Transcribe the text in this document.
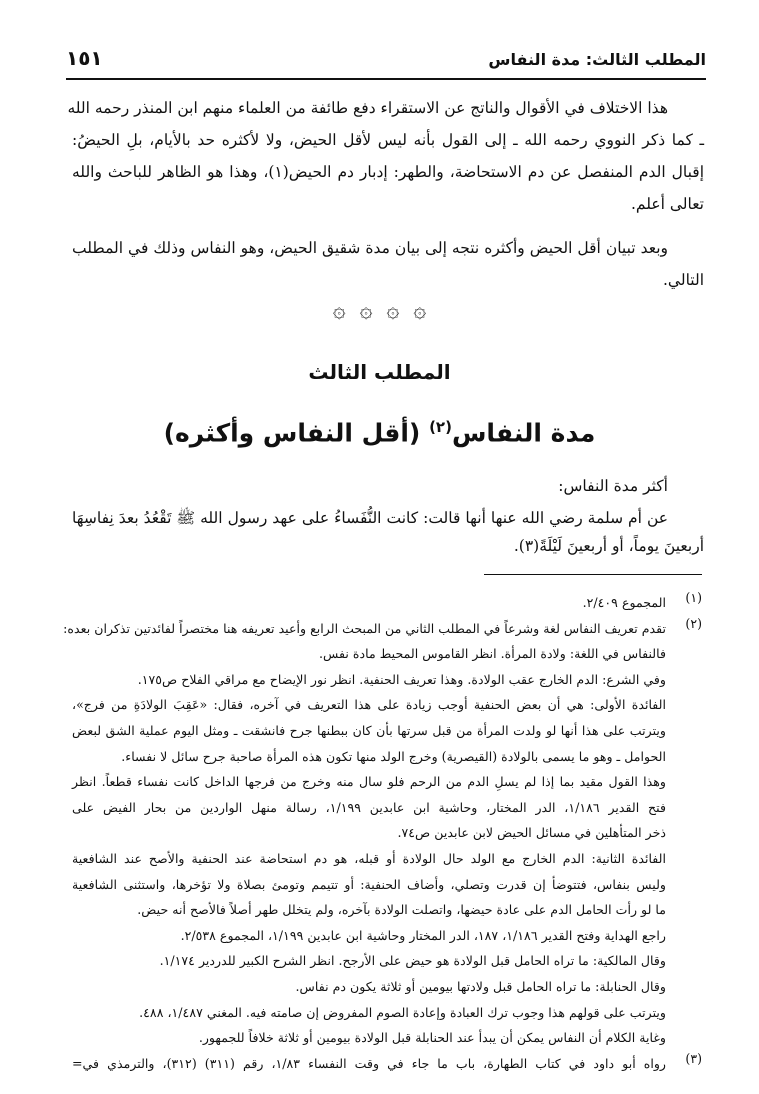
المطلب الثالث: مدة النفاس
١٥١
هذا الاختلاف في الأقوال والناتج عن الاستقراء دفع طائفة من العلماء منهم ابن المنذر رحمه الله
ـ كما ذكر النووي رحمه الله ـ إلى القول بأنه ليس لأقل الحيض، ولا لأكثره حد بالأيام، بلِ الحيضُ:
إقبال الدم المنفصل عن دم الاستحاضة، والطهر: إدبار دم الحيض(١)، وهذا هو الظاهر للباحث والله
تعالى أعلم.
وبعد تبيان أقل الحيض وأكثره نتجه إلى بيان مدة شقيق الحيض، وهو النفاس وذلك في المطلب
التالي.
۞ ۞ ۞ ۞
المطلب الثالث
مدة النفاس$^{(٢)}$ (أقل النفاس وأكثره)
أكثر مدة النفاس:
عن أم سلمة رضي الله عنها أنها قالت: كانت النُّفَساءُ على عهد رسول الله ﷺ تَقْعُدُ بعدَ نِفاسِهَا
أربعينَ يوماً، أو أربعينَ لَيْلَةً(٣).
(١)
المجموع ٢/٤٠٩.
(٢)
تقدم تعريف النفاس لغة وشرعاً في المطلب الثاني من المبحث الرابع وأعيد تعريفه هنا مختصراً لفائدتين تذكران بعده:
فالنفاس في اللغة: ولادة المرأة. انظر القاموس المحيط مادة نفس.
وفي الشرع: الدم الخارج عقب الولادة. وهذا تعريف الحنفية. انظر نور الإيضاح مع مراقي الفلاح ص١٧٥.
الفائدة الأولى: هي أن بعض الحنفية أوجب زيادة على هذا التعريف في آخره، فقال: «عَقِبَ الولادَةِ من فرج»،
ويترتب على هذا أنها لو ولدت المرأة من قبل سرتها بأن كان ببطنها جرح فانشقت ـ ومثل اليوم عملية الشق لبعض
الحوامل ـ وهو ما يسمى بالولادة (القيصرية) وخرج الولد منها تكون هذه المرأة صاحبة جرح سائل لا نفساء.
وهذا القول مقيد بما إذا لم يسلِ الدم من الرحم فلو سال منه وخرج من فرجها الداخل كانت نفساء قطعاً. انظر
فتح القدير ١/١٨٦، الدر المختار، وحاشية ابن عابدين ١/١٩٩، رسالة منهل الواردين من بحار الفيض على
ذخر المتأهلين في مسائل الحيض لابن عابدين ص٧٤.
الفائدة الثانية: الدم الخارج مع الولد حال الولادة أو قبله، هو دم استحاضة عند الحنفية والأصح عند الشافعية
وليس بنفاس، فتتوضأ إن قدرت وتصلي، وأضاف الحنفية: أو تتيمم وتومئ بصلاة ولا تؤخرها، واستثنى الشافعية
ما لو رأت الحامل الدم على عادة حيضها، واتصلت الولادة بآخره، ولم يتخلل طهر أصلاً فالأصح أنه حيض.
راجع الهداية وفتح القدير ١/١٨٦، ١٨٧، الدر المختار وحاشية ابن عابدين ١/١٩٩، المجموع ٢/٥٣٨.
وقال المالكية: ما تراه الحامل قبل الولادة هو حيض على الأرجح. انظر الشرح الكبير للدردير ١/١٧٤.
وقال الحنابلة: ما تراه الحامل قبل ولادتها بيومين أو ثلاثة يكون دم نفاس.
ويترتب على قولهم هذا وجوب ترك العبادة وإعادة الصوم المفروض إن صامته فيه. المغني ١/٤٨٧، ٤٨٨.
وغاية الكلام أن النفاس يمكن أن يبدأ عند الحنابلة قبل الولادة بيومين أو ثلاثة خلافاً للجمهور.
(٣)
رواه أبو داود في كتاب الطهارة، باب ما جاء في وقت النفساء ١/٨٣، رقم (٣١١) (٣١٢)، والترمذي في=
